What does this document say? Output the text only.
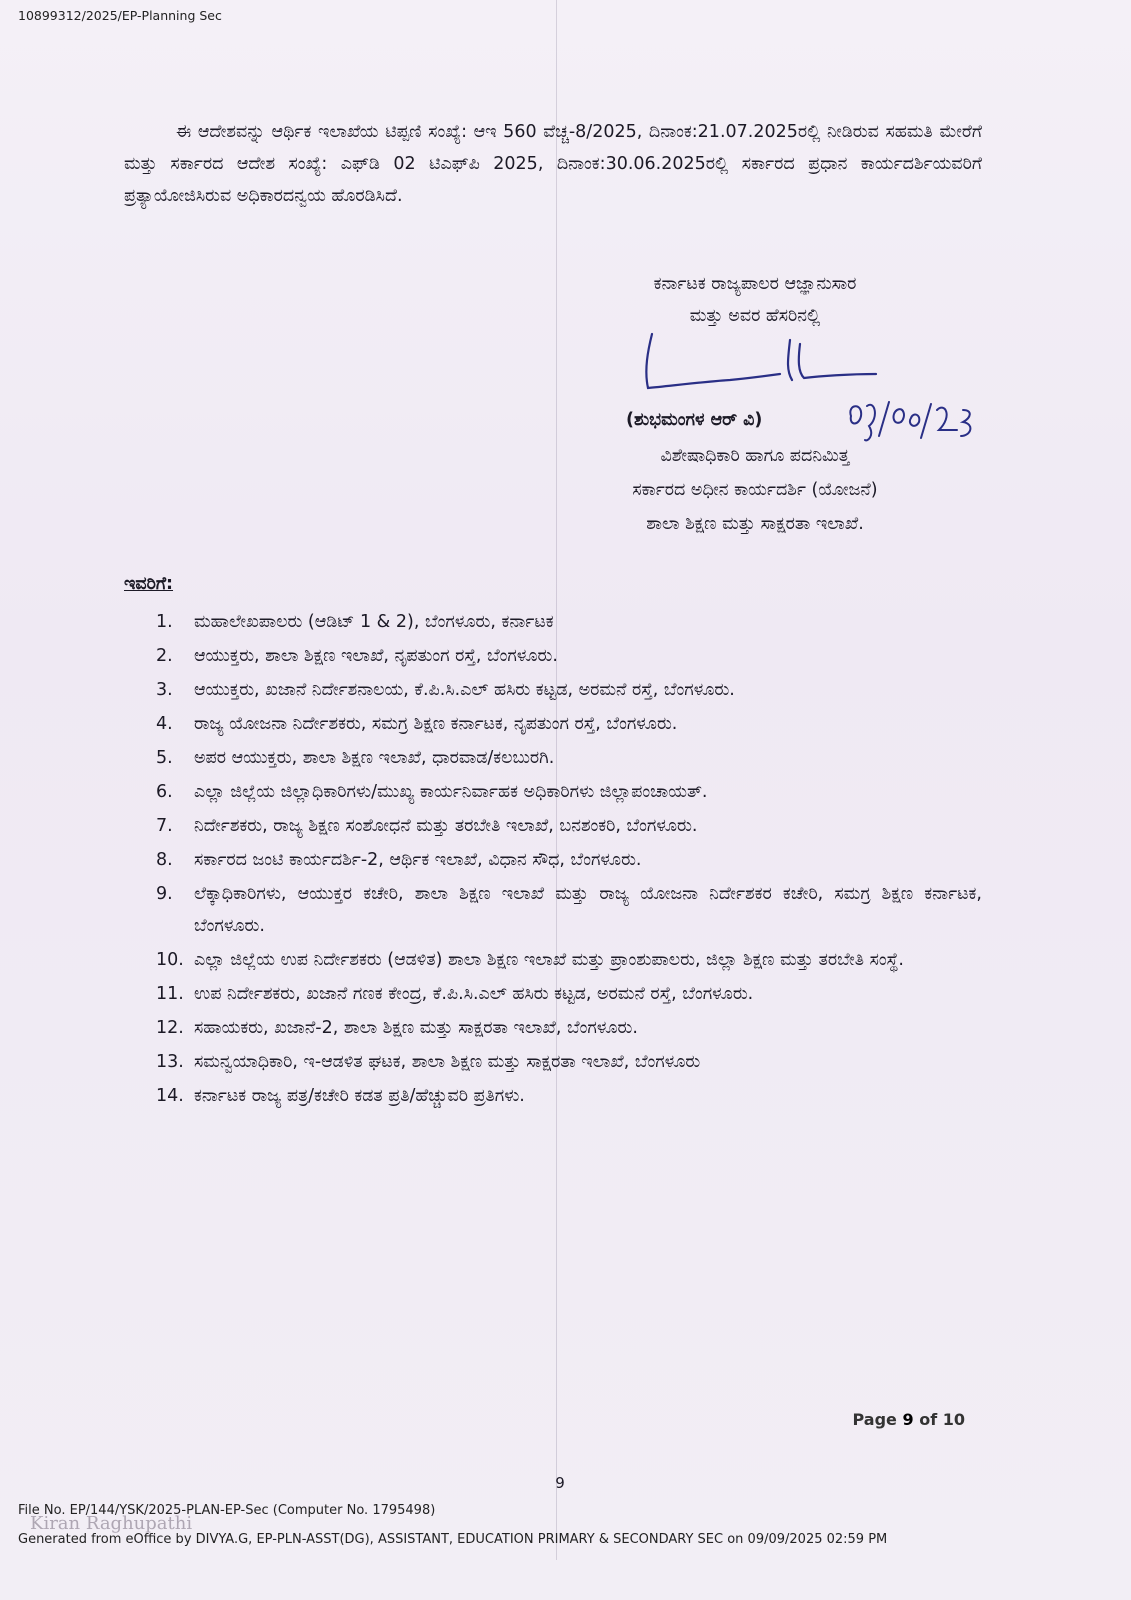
10899312/2025/EP-Planning Sec

ಈ ಆದೇಶವನ್ನು ಆರ್ಥಿಕ ಇಲಾಖೆಯ ಟಿಪ್ಪಣಿ ಸಂಖ್ಯೆ: ಆಇ 560 ವೆಚ್ಚ-8/2025, ದಿನಾಂಕ:21.07.2025ರಲ್ಲಿ ನೀಡಿರುವ ಸಹಮತಿ ಮೇರೆಗೆ ಮತ್ತು ಸರ್ಕಾರದ ಆದೇಶ ಸಂಖ್ಯೆ: ಎಫ್‌ಡಿ 02 ಟಿಎಫ್‌ಪಿ 2025, ದಿನಾಂಕ:30.06.2025ರಲ್ಲಿ ಸರ್ಕಾರದ ಪ್ರಧಾನ ಕಾರ್ಯದರ್ಶಿಯವರಿಗೆ ಪ್ರತ್ಯಾಯೋಜಿಸಿರುವ ಅಧಿಕಾರದನ್ವಯ ಹೊರಡಿಸಿದೆ.

ಕರ್ನಾಟಕ ರಾಜ್ಯಪಾಲರ ಆಜ್ಞಾನುಸಾರ
ಮತ್ತು ಅವರ ಹೆಸರಿನಲ್ಲಿ
(ಶುಭಮಂಗಳ ಆರ್ ವಿ)
ವಿಶೇಷಾಧಿಕಾರಿ ಹಾಗೂ ಪದನಿಮಿತ್ತ
ಸರ್ಕಾರದ ಅಧೀನ ಕಾರ್ಯದರ್ಶಿ (ಯೋಜನೆ)
ಶಾಲಾ ಶಿಕ್ಷಣ ಮತ್ತು ಸಾಕ್ಷರತಾ ಇಲಾಖೆ.
ಇವರಿಗೆ:
1.	ಮಹಾಲೇಖಪಾಲರು (ಆಡಿಟ್ 1 & 2), ಬೆಂಗಳೂರು, ಕರ್ನಾಟಕ
2.	ಆಯುಕ್ತರು, ಶಾಲಾ ಶಿಕ್ಷಣ ಇಲಾಖೆ, ನೃಪತುಂಗ ರಸ್ತೆ, ಬೆಂಗಳೂರು.
3.	ಆಯುಕ್ತರು, ಖಜಾನೆ ನಿರ್ದೇಶನಾಲಯ, ಕೆ.ಪಿ.ಸಿ.ಎಲ್ ಹಸಿರು ಕಟ್ಟಡ, ಅರಮನೆ ರಸ್ತೆ, ಬೆಂಗಳೂರು.
4.	ರಾಜ್ಯ ಯೋಜನಾ ನಿರ್ದೇಶಕರು, ಸಮಗ್ರ ಶಿಕ್ಷಣ ಕರ್ನಾಟಕ, ನೃಪತುಂಗ ರಸ್ತೆ, ಬೆಂಗಳೂರು.
5.	ಅಪರ ಆಯುಕ್ತರು, ಶಾಲಾ ಶಿಕ್ಷಣ ಇಲಾಖೆ, ಧಾರವಾಡ/ಕಲಬುರಗಿ.
6.	ಎಲ್ಲಾ ಜಿಲ್ಲೆಯ ಜಿಲ್ಲಾಧಿಕಾರಿಗಳು/ಮುಖ್ಯ ಕಾರ್ಯನಿರ್ವಾಹಕ ಅಧಿಕಾರಿಗಳು ಜಿಲ್ಲಾಪಂಚಾಯತ್.
7.	ನಿರ್ದೇಶಕರು, ರಾಜ್ಯ ಶಿಕ್ಷಣ ಸಂಶೋಧನೆ ಮತ್ತು ತರಬೇತಿ ಇಲಾಖೆ, ಬನಶಂಕರಿ, ಬೆಂಗಳೂರು.
8.	ಸರ್ಕಾರದ ಜಂಟಿ ಕಾರ್ಯದರ್ಶಿ-2, ಆರ್ಥಿಕ ಇಲಾಖೆ, ವಿಧಾನ ಸೌಧ, ಬೆಂಗಳೂರು.
9.	ಲೆಕ್ಕಾಧಿಕಾರಿಗಳು, ಆಯುಕ್ತರ ಕಚೇರಿ, ಶಾಲಾ ಶಿಕ್ಷಣ ಇಲಾಖೆ ಮತ್ತು ರಾಜ್ಯ ಯೋಜನಾ ನಿರ್ದೇಶಕರ ಕಚೇರಿ, ಸಮಗ್ರ ಶಿಕ್ಷಣ ಕರ್ನಾಟಕ, ಬೆಂಗಳೂರು.
10. ಎಲ್ಲಾ ಜಿಲ್ಲೆಯ ಉಪ ನಿರ್ದೇಶಕರು (ಆಡಳಿತ) ಶಾಲಾ ಶಿಕ್ಷಣ ಇಲಾಖೆ ಮತ್ತು ಪ್ರಾಂಶುಪಾಲರು, ಜಿಲ್ಲಾ ಶಿಕ್ಷಣ ಮತ್ತು ತರಬೇತಿ ಸಂಸ್ಥೆ.
11. ಉಪ ನಿರ್ದೇಶಕರು, ಖಜಾನೆ ಗಣಕ ಕೇಂದ್ರ, ಕೆ.ಪಿ.ಸಿ.ಎಲ್ ಹಸಿರು ಕಟ್ಟಡ, ಅರಮನೆ ರಸ್ತೆ, ಬೆಂಗಳೂರು.
12. ಸಹಾಯಕರು, ಖಜಾನೆ-2, ಶಾಲಾ ಶಿಕ್ಷಣ ಮತ್ತು ಸಾಕ್ಷರತಾ ಇಲಾಖೆ, ಬೆಂಗಳೂರು.
13. ಸಮನ್ವಯಾಧಿಕಾರಿ, ಇ-ಆಡಳಿತ ಘಟಕ, ಶಾಲಾ ಶಿಕ್ಷಣ ಮತ್ತು ಸಾಕ್ಷರತಾ ಇಲಾಖೆ, ಬೆಂಗಳೂರು
14. ಕರ್ನಾಟಕ ರಾಜ್ಯ ಪತ್ರ/ಕಚೇರಿ ಕಡತ ಪ್ರತಿ/ಹೆಚ್ಚುವರಿ ಪ್ರತಿಗಳು.
Page 9 of 10
9
File No. EP/144/YSK/2025-PLAN-EP-Sec (Computer No. 1795498)
Kiran Raghupathi
Generated from eOffice by DIVYA.G, EP-PLN-ASST(DG), ASSISTANT, EDUCATION PRIMARY & SECONDARY SEC on 09/09/2025 02:59 PM
